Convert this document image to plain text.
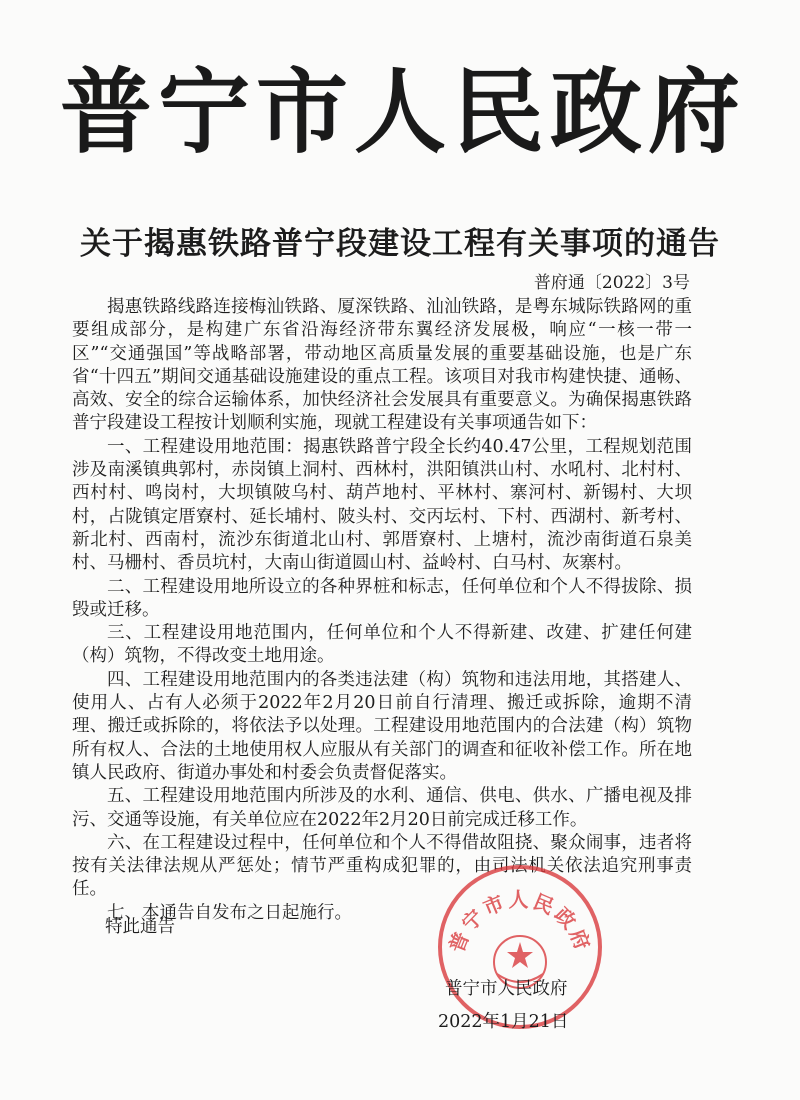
普宁市人民政府
关于揭惠铁路普宁段建设工程有关事项的通告
普府通〔2022〕3号

揭惠铁路线路连接梅汕铁路、厦深铁路、汕汕铁路，是粤东城际铁路网的重要组成部分，是构建广东省沿海经济带东翼经济发展极，响应“一核一带一区”“交通强国”等战略部署，带动地区高质量发展的重要基础设施，也是广东省“十四五”期间交通基础设施建设的重点工程。该项目对我市构建快捷、通畅、高效、安全的综合运输体系，加快经济社会发展具有重要意义。为确保揭惠铁路普宁段建设工程按计划顺利实施，现就工程建设有关事项通告如下：

一、工程建设用地范围：揭惠铁路普宁段全长约40.47公里，工程规划范围涉及南溪镇典郭村，赤岗镇上洞村、西林村，洪阳镇洪山村、水吼村、北村村、西村村、鸣岗村，大坝镇陂乌村、葫芦地村、平林村、寨河村、新锡村、大坝村，占陇镇定厝寮村、延长埔村、陂头村、交丙坛村、下村、西湖村、新考村、新北村、西南村，流沙东街道北山村、郭厝寮村、上塘村，流沙南街道石泉美村、马栅村、香员坑村，大南山街道圆山村、益岭村、白马村、灰寨村。

二、工程建设用地所设立的各种界桩和标志，任何单位和个人不得拔除、损毁或迁移。

三、工程建设用地范围内，任何单位和个人不得新建、改建、扩建任何建（构）筑物，不得改变土地用途。

四、工程建设用地范围内的各类违法建（构）筑物和违法用地，其搭建人、使用人、占有人必须于2022年2月20日前自行清理、搬迁或拆除，逾期不清理、搬迁或拆除的，将依法予以处理。工程建设用地范围内的合法建（构）筑物所有权人、合法的土地使用权人应服从有关部门的调查和征收补偿工作。所在地镇人民政府、街道办事处和村委会负责督促落实。

五、工程建设用地范围内所涉及的水利、通信、供电、供水、广播电视及排污、交通等设施，有关单位应在2022年2月20日前完成迁移工作。

六、在工程建设过程中，任何单位和个人不得借故阻挠、聚众闹事，违者将按有关法律法规从严惩处；情节严重构成犯罪的，由司法机关依法追究刑事责任。

七、本通告自发布之日起施行。

特此通告	普宁市人民政府
普宁市人民政府
2022年1月21日
